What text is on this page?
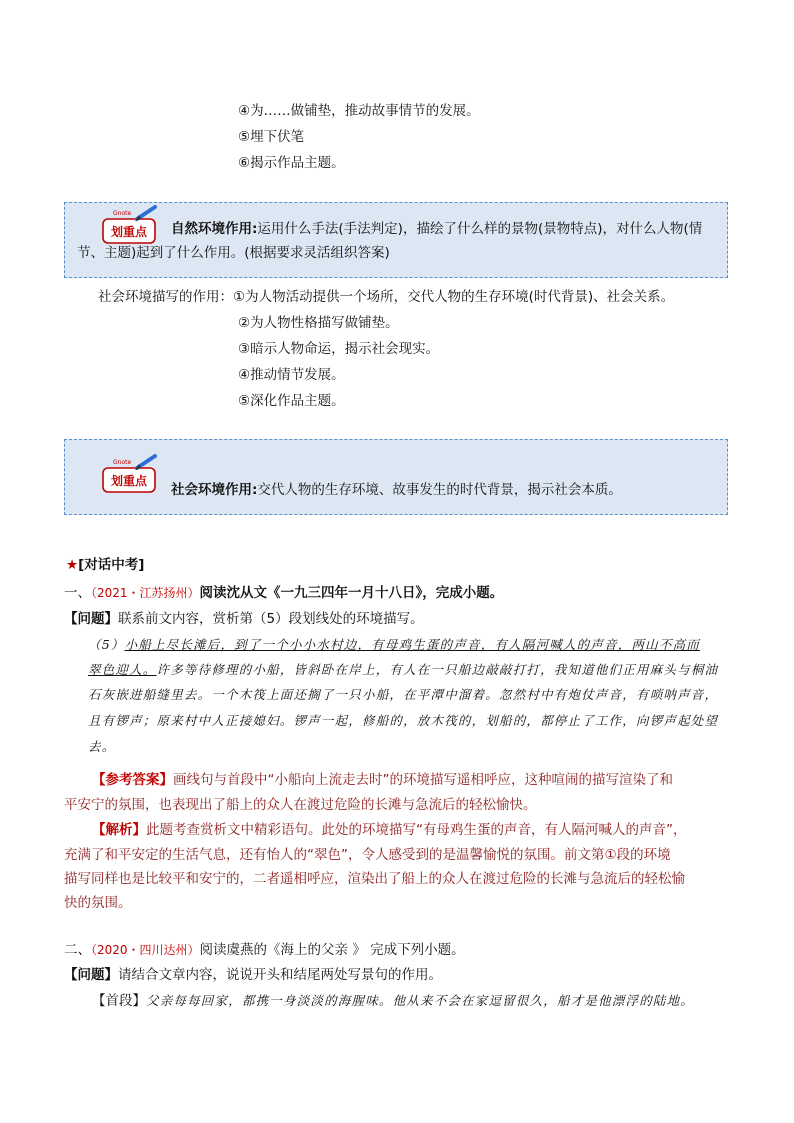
④为……做铺垫，推动故事情节的发展。
⑤埋下伏笔
⑥揭示作品主题。
划重点
Gnote
自然环境作用:运用什么手法(手法判定)，描绘了什么样的景物(景物特点)，对什么人物(情
节、主题)起到了什么作用。(根据要求灵活组织答案)
社会环境描写的作用：①为人物活动提供一个场所，交代人物的生存环境(时代背景)、社会关系。
②为人物性格描写做铺垫。
③暗示人物命运，揭示社会现实。
④推动情节发展。
⑤深化作品主题。
划重点
Gnote
社会环境作用:交代人物的生存环境、故事发生的时代背景，揭示社会本质。
★[对话中考]
一、（2021・江苏扬州）阅读沈从文《一九三四年一月十八日》，完成小题。
【问题】联系前文内容，赏析第（5）段划线处的环境描写。
（5）小船上尽长滩后，到了一个小小水村边，有母鸡生蛋的声音，有人隔河喊人的声音，两山不高而
翠色迎人。许多等待修理的小船，皆斜卧在岸上，有人在一只船边敲敲打打，我知道他们正用麻头与桐油
石灰嵌进船缝里去。一个木筏上面还搁了一只小船，在平潭中溜着。忽然村中有炮仗声音，有唢呐声音，
且有锣声；原来村中人正接媳妇。锣声一起，修船的，放木筏的，划船的，都停止了工作，向锣声起处望
去。
【参考答案】画线句与首段中“小船向上流走去时”的环境描写遥相呼应，这种喧闹的描写渲染了和
平安宁的氛围，也表现出了船上的众人在渡过危险的长滩与急流后的轻松愉快。
【解析】此题考查赏析文中精彩语句。此处的环境描写“有母鸡生蛋的声音，有人隔河喊人的声音”，
充满了和平安定的生活气息，还有怡人的“翠色”，令人感受到的是温馨愉悦的氛围。前文第①段的环境
描写同样也是比较平和安宁的，二者遥相呼应，渲染出了船上的众人在渡过危险的长滩与急流后的轻松愉
快的氛围。
二、（2020・四川达州）阅读虞燕的《海上的父亲 》 完成下列小题。
【问题】请结合文章内容，说说开头和结尾两处写景句的作用。
【首段】父亲每每回家，都携一身淡淡的海腥味。他从来不会在家逗留很久，船才是他漂浮的陆地。
